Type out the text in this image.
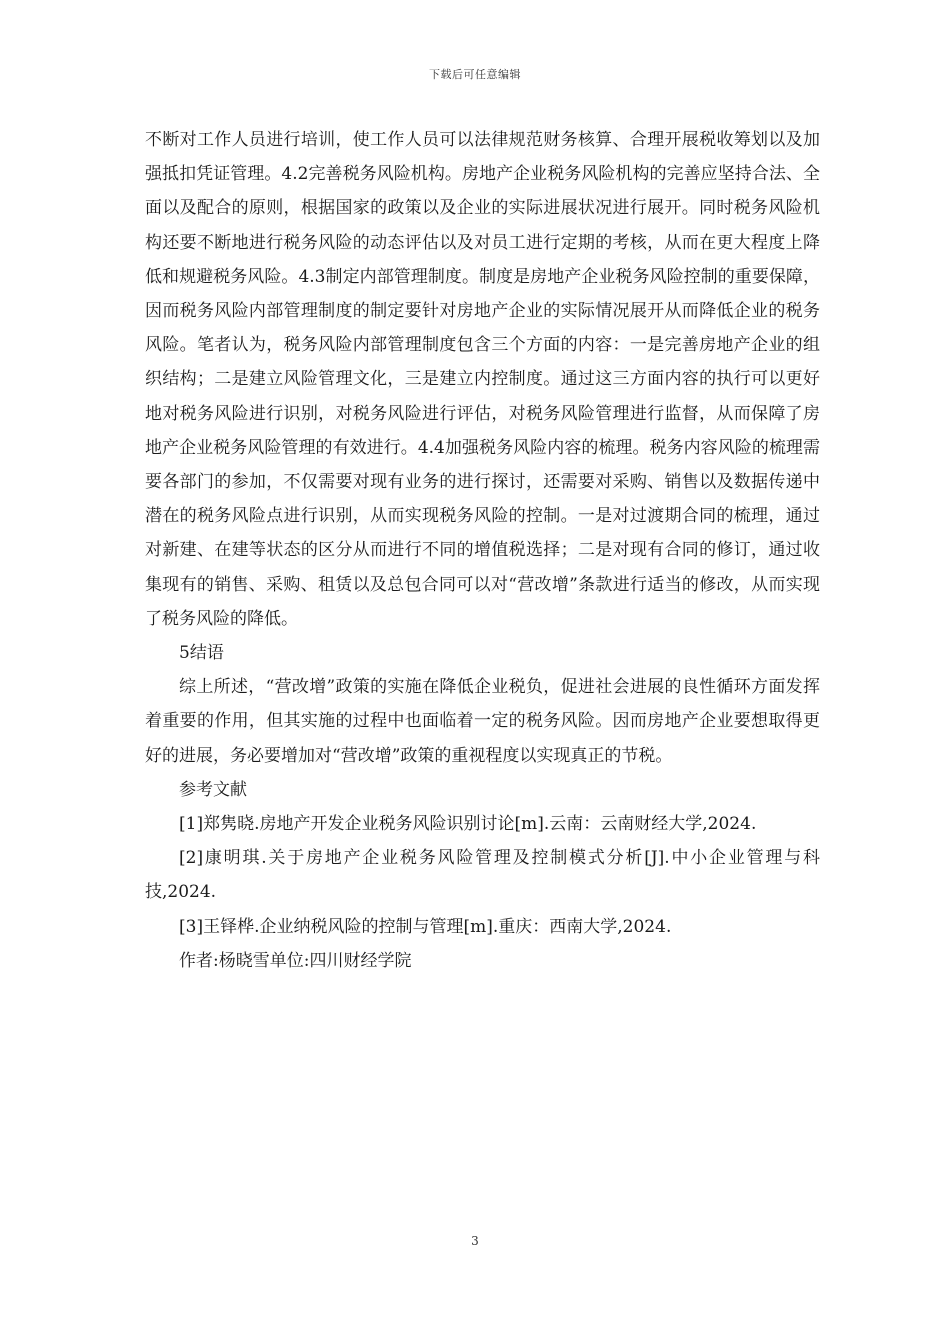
下载后可任意编辑

不断对工作人员进行培训，使工作人员可以法律规范财务核算、合理开展税收筹划以及加强抵扣凭证管理。4.2完善税务风险机构。房地产企业税务风险机构的完善应坚持合法、全面以及配合的原则，根据国家的政策以及企业的实际进展状况进行展开。同时税务风险机构还要不断地进行税务风险的动态评估以及对员工进行定期的考核，从而在更大程度上降低和规避税务风险。4.3制定内部管理制度。制度是房地产企业税务风险控制的重要保障，因而税务风险内部管理制度的制定要针对房地产企业的实际情况展开从而降低企业的税务风险。笔者认为，税务风险内部管理制度包含三个方面的内容：一是完善房地产企业的组织结构；二是建立风险管理文化，三是建立内控制度。通过这三方面内容的执行可以更好地对税务风险进行识别，对税务风险进行评估，对税务风险管理进行监督，从而保障了房地产企业税务风险管理的有效进行。4.4加强税务风险内容的梳理。税务内容风险的梳理需要各部门的参加，不仅需要对现有业务的进行探讨，还需要对采购、销售以及数据传递中潜在的税务风险点进行识别，从而实现税务风险的控制。一是对过渡期合同的梳理，通过对新建、在建等状态的区分从而进行不同的增值税选择；二是对现有合同的修订，通过收集现有的销售、采购、租赁以及总包合同可以对“营改增”条款进行适当的修改，从而实现了税务风险的降低。

5结语

综上所述，“营改增”政策的实施在降低企业税负，促进社会进展的良性循环方面发挥着重要的作用，但其实施的过程中也面临着一定的税务风险。因而房地产企业要想取得更好的进展，务必要增加对“营改增”政策的重视程度以实现真正的节税。

参考文献

[1]郑隽晓.房地产开发企业税务风险识别讨论[m].云南：云南财经大学,2024.

[2]康明琪.关于房地产企业税务风险管理及控制模式分析[J].中小企业管理与科技,2024.

[3]王铎桦.企业纳税风险的控制与管理[m].重庆：西南大学,2024.

作者:杨晓雪单位:四川财经学院

3
